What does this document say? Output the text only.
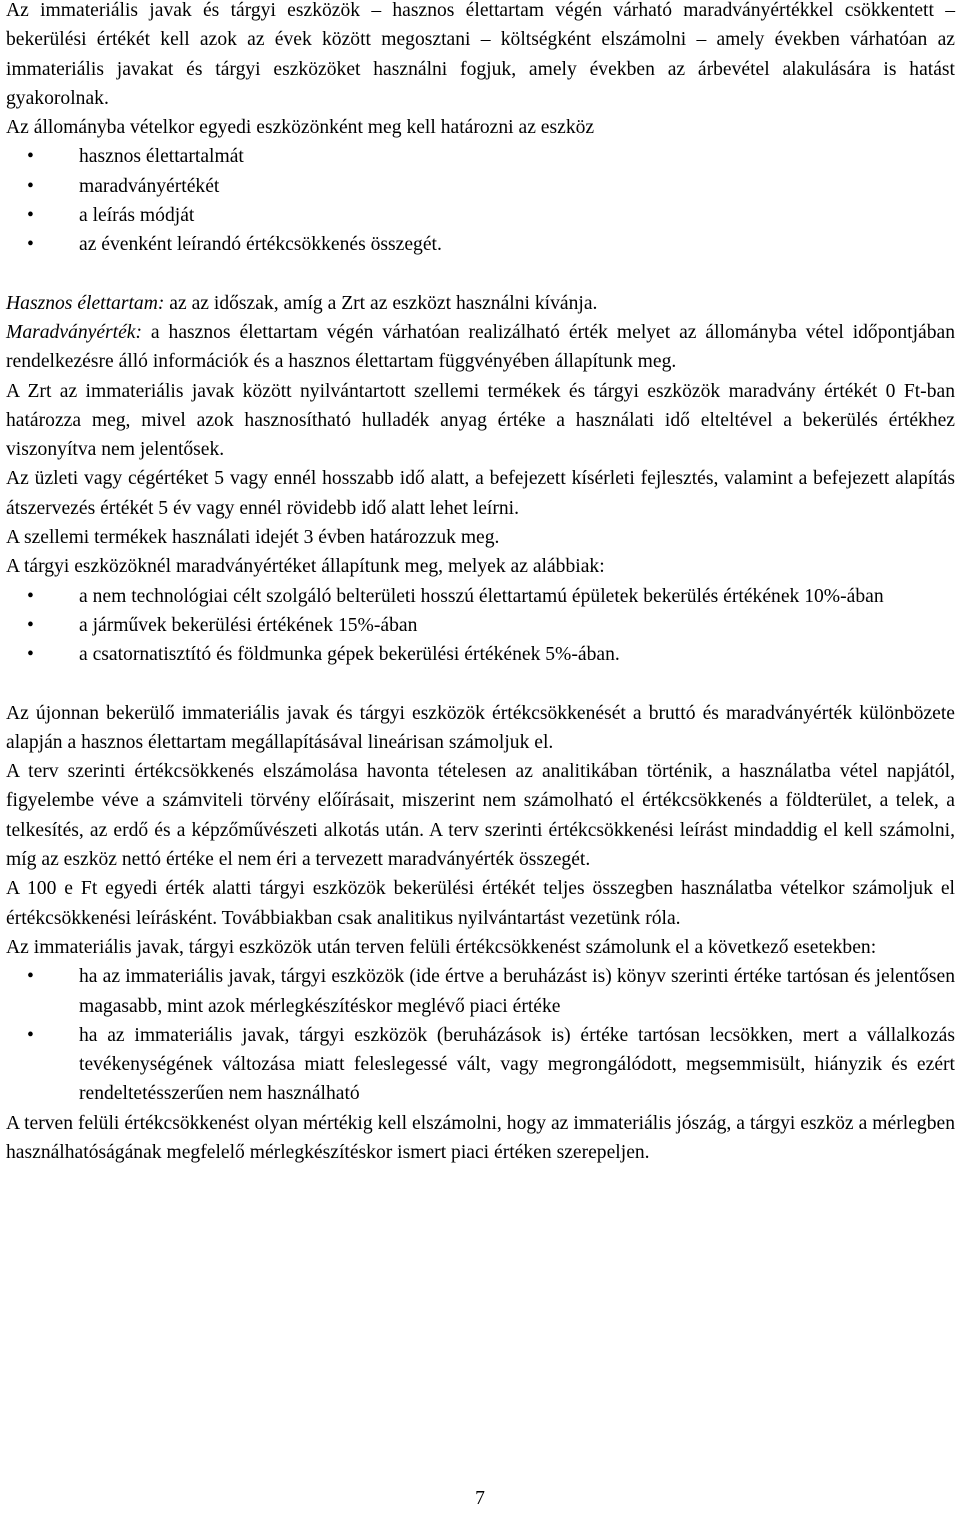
Az immateriális javak és tárgyi eszközök – hasznos élettartam végén várható maradványértékkel csökkentett – bekerülési értékét kell azok az évek között megosztani – költségként elszámolni – amely években várhatóan az immateriális javakat és tárgyi eszközöket használni fogjuk, amely években az árbevétel alakulására is hatást gyakorolnak.

Az állományba vételkor egyedi eszközönként meg kell határozni az eszköz

• hasznos élettartalmát
• maradványértékét
• a leírás módját
• az évenként leírandó értékcsökkenés összegét.

Hasznos élettartam: az az időszak, amíg a Zrt az eszközt használni kívánja.

Maradványérték: a hasznos élettartam végén várhatóan realizálható érték melyet az állományba vétel időpontjában rendelkezésre álló információk és a hasznos élettartam függvényében állapítunk meg.

A Zrt az immateriális javak között nyilvántartott szellemi termékek és tárgyi eszközök maradvány értékét 0 Ft-ban határozza meg, mivel azok hasznosítható hulladék anyag értéke a használati idő elteltével a bekerülés értékhez viszonyítva nem jelentősek.

Az üzleti vagy cégértéket 5 vagy ennél hosszabb idő alatt, a befejezett kísérleti fejlesztés, valamint a befejezett alapítás átszervezés értékét 5 év vagy ennél rövidebb idő alatt lehet leírni.

A szellemi termékek használati idejét 3 évben határozzuk meg.

A tárgyi eszközöknél maradványértéket állapítunk meg, melyek az alábbiak:

• a nem technológiai célt szolgáló belterületi hosszú élettartamú épületek bekerülés értékének 10%-ában
• a járművek bekerülési értékének 15%-ában
• a csatornatisztító és földmunka gépek bekerülési értékének 5%-ában.

Az újonnan bekerülő immateriális javak és tárgyi eszközök értékcsökkenését a bruttó és maradványérték különbözete alapján a hasznos élettartam megállapításával lineárisan számoljuk el.

A terv szerinti értékcsökkenés elszámolása havonta tételesen az analitikában történik, a használatba vétel napjától, figyelembe véve a számviteli törvény előírásait, miszerint nem számolható el értékcsökkenés a földterület, a telek, a telkesítés, az erdő és a képzőművészeti alkotás után. A terv szerinti értékcsökkenési leírást mindaddig el kell számolni, míg az eszköz nettó értéke el nem éri a tervezett maradványérték összegét.

A 100 e Ft egyedi érték alatti tárgyi eszközök bekerülési értékét teljes összegben használatba vételkor számoljuk el értékcsökkenési leírásként. Továbbiakban csak analitikus nyilvántartást vezetünk róla.

Az immateriális javak, tárgyi eszközök után terven felüli értékcsökkenést számolunk el a következő esetekben:

• ha az immateriális javak, tárgyi eszközök (ide értve a beruházást is) könyv szerinti értéke tartósan és jelentősen magasabb, mint azok mérlegkészítéskor meglévő piaci értéke
• ha az immateriális javak, tárgyi eszközök (beruházások is) értéke tartósan lecsökken, mert a vállalkozás tevékenységének változása miatt feleslegessé vált, vagy megrongálódott, megsemmisült, hiányzik és ezért rendeltetésszerűen nem használható

A terven felüli értékcsökkenést olyan mértékig kell elszámolni, hogy az immateriális jószág, a tárgyi eszköz a mérlegben használhatóságának megfelelő mérlegkészítéskor ismert piaci értéken szerepeljen.

7
